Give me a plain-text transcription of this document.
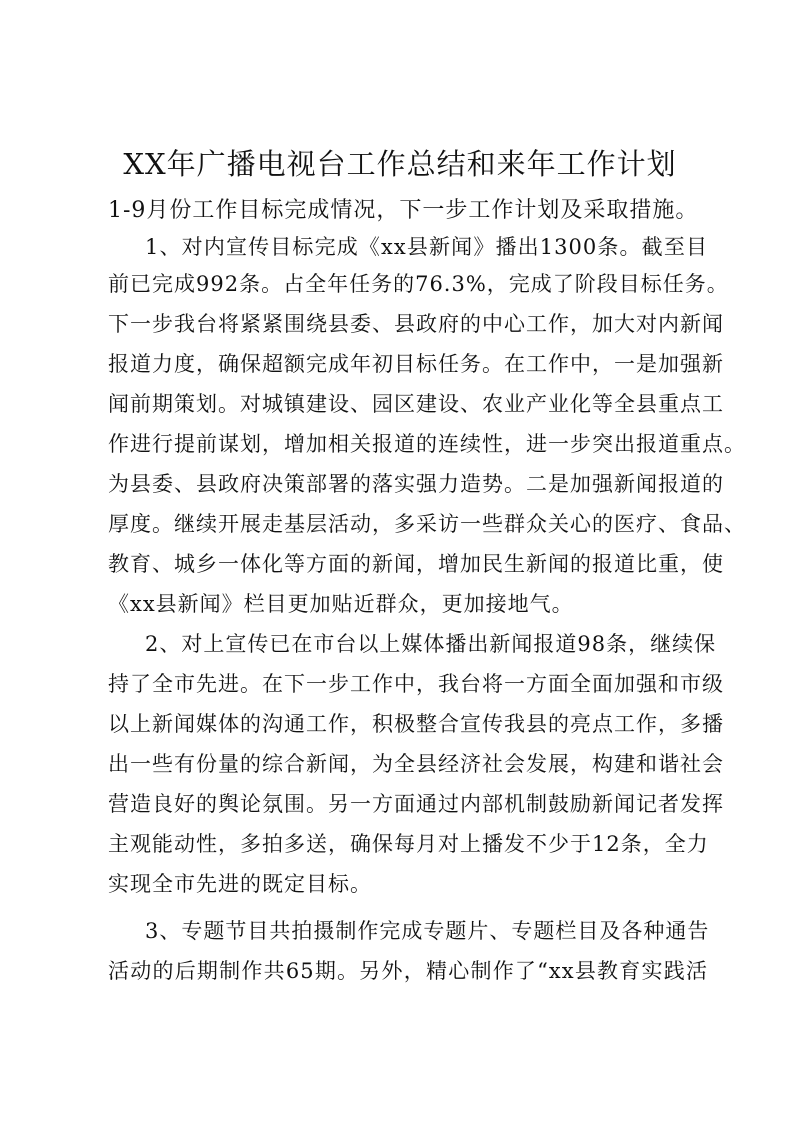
XX年广播电视台工作总结和来年工作计划
1-9月份工作目标完成情况，下一步工作计划及采取措施。
1、对内宣传目标完成《xx县新闻》播出1300条。截至目
前已完成992条。占全年任务的76.3%，完成了阶段目标任务。
下一步我台将紧紧围绕县委、县政府的中心工作，加大对内新闻
报道力度，确保超额完成年初目标任务。在工作中，一是加强新
闻前期策划。对城镇建设、园区建设、农业产业化等全县重点工
作进行提前谋划，增加相关报道的连续性，进一步突出报道重点。
为县委、县政府决策部署的落实强力造势。二是加强新闻报道的
厚度。继续开展走基层活动，多采访一些群众关心的医疗、食品、
教育、城乡一体化等方面的新闻，增加民生新闻的报道比重，使
《xx县新闻》栏目更加贴近群众，更加接地气。
2、对上宣传已在市台以上媒体播出新闻报道98条，继续保
持了全市先进。在下一步工作中，我台将一方面全面加强和市级
以上新闻媒体的沟通工作，积极整合宣传我县的亮点工作，多播
出一些有份量的综合新闻，为全县经济社会发展，构建和谐社会
营造良好的舆论氛围。另一方面通过内部机制鼓励新闻记者发挥
主观能动性，多拍多送，确保每月对上播发不少于12条，全力
实现全市先进的既定目标。
3、专题节目共拍摄制作完成专题片、专题栏目及各种通告
活动的后期制作共65期。另外，精心制作了“xx县教育实践活
